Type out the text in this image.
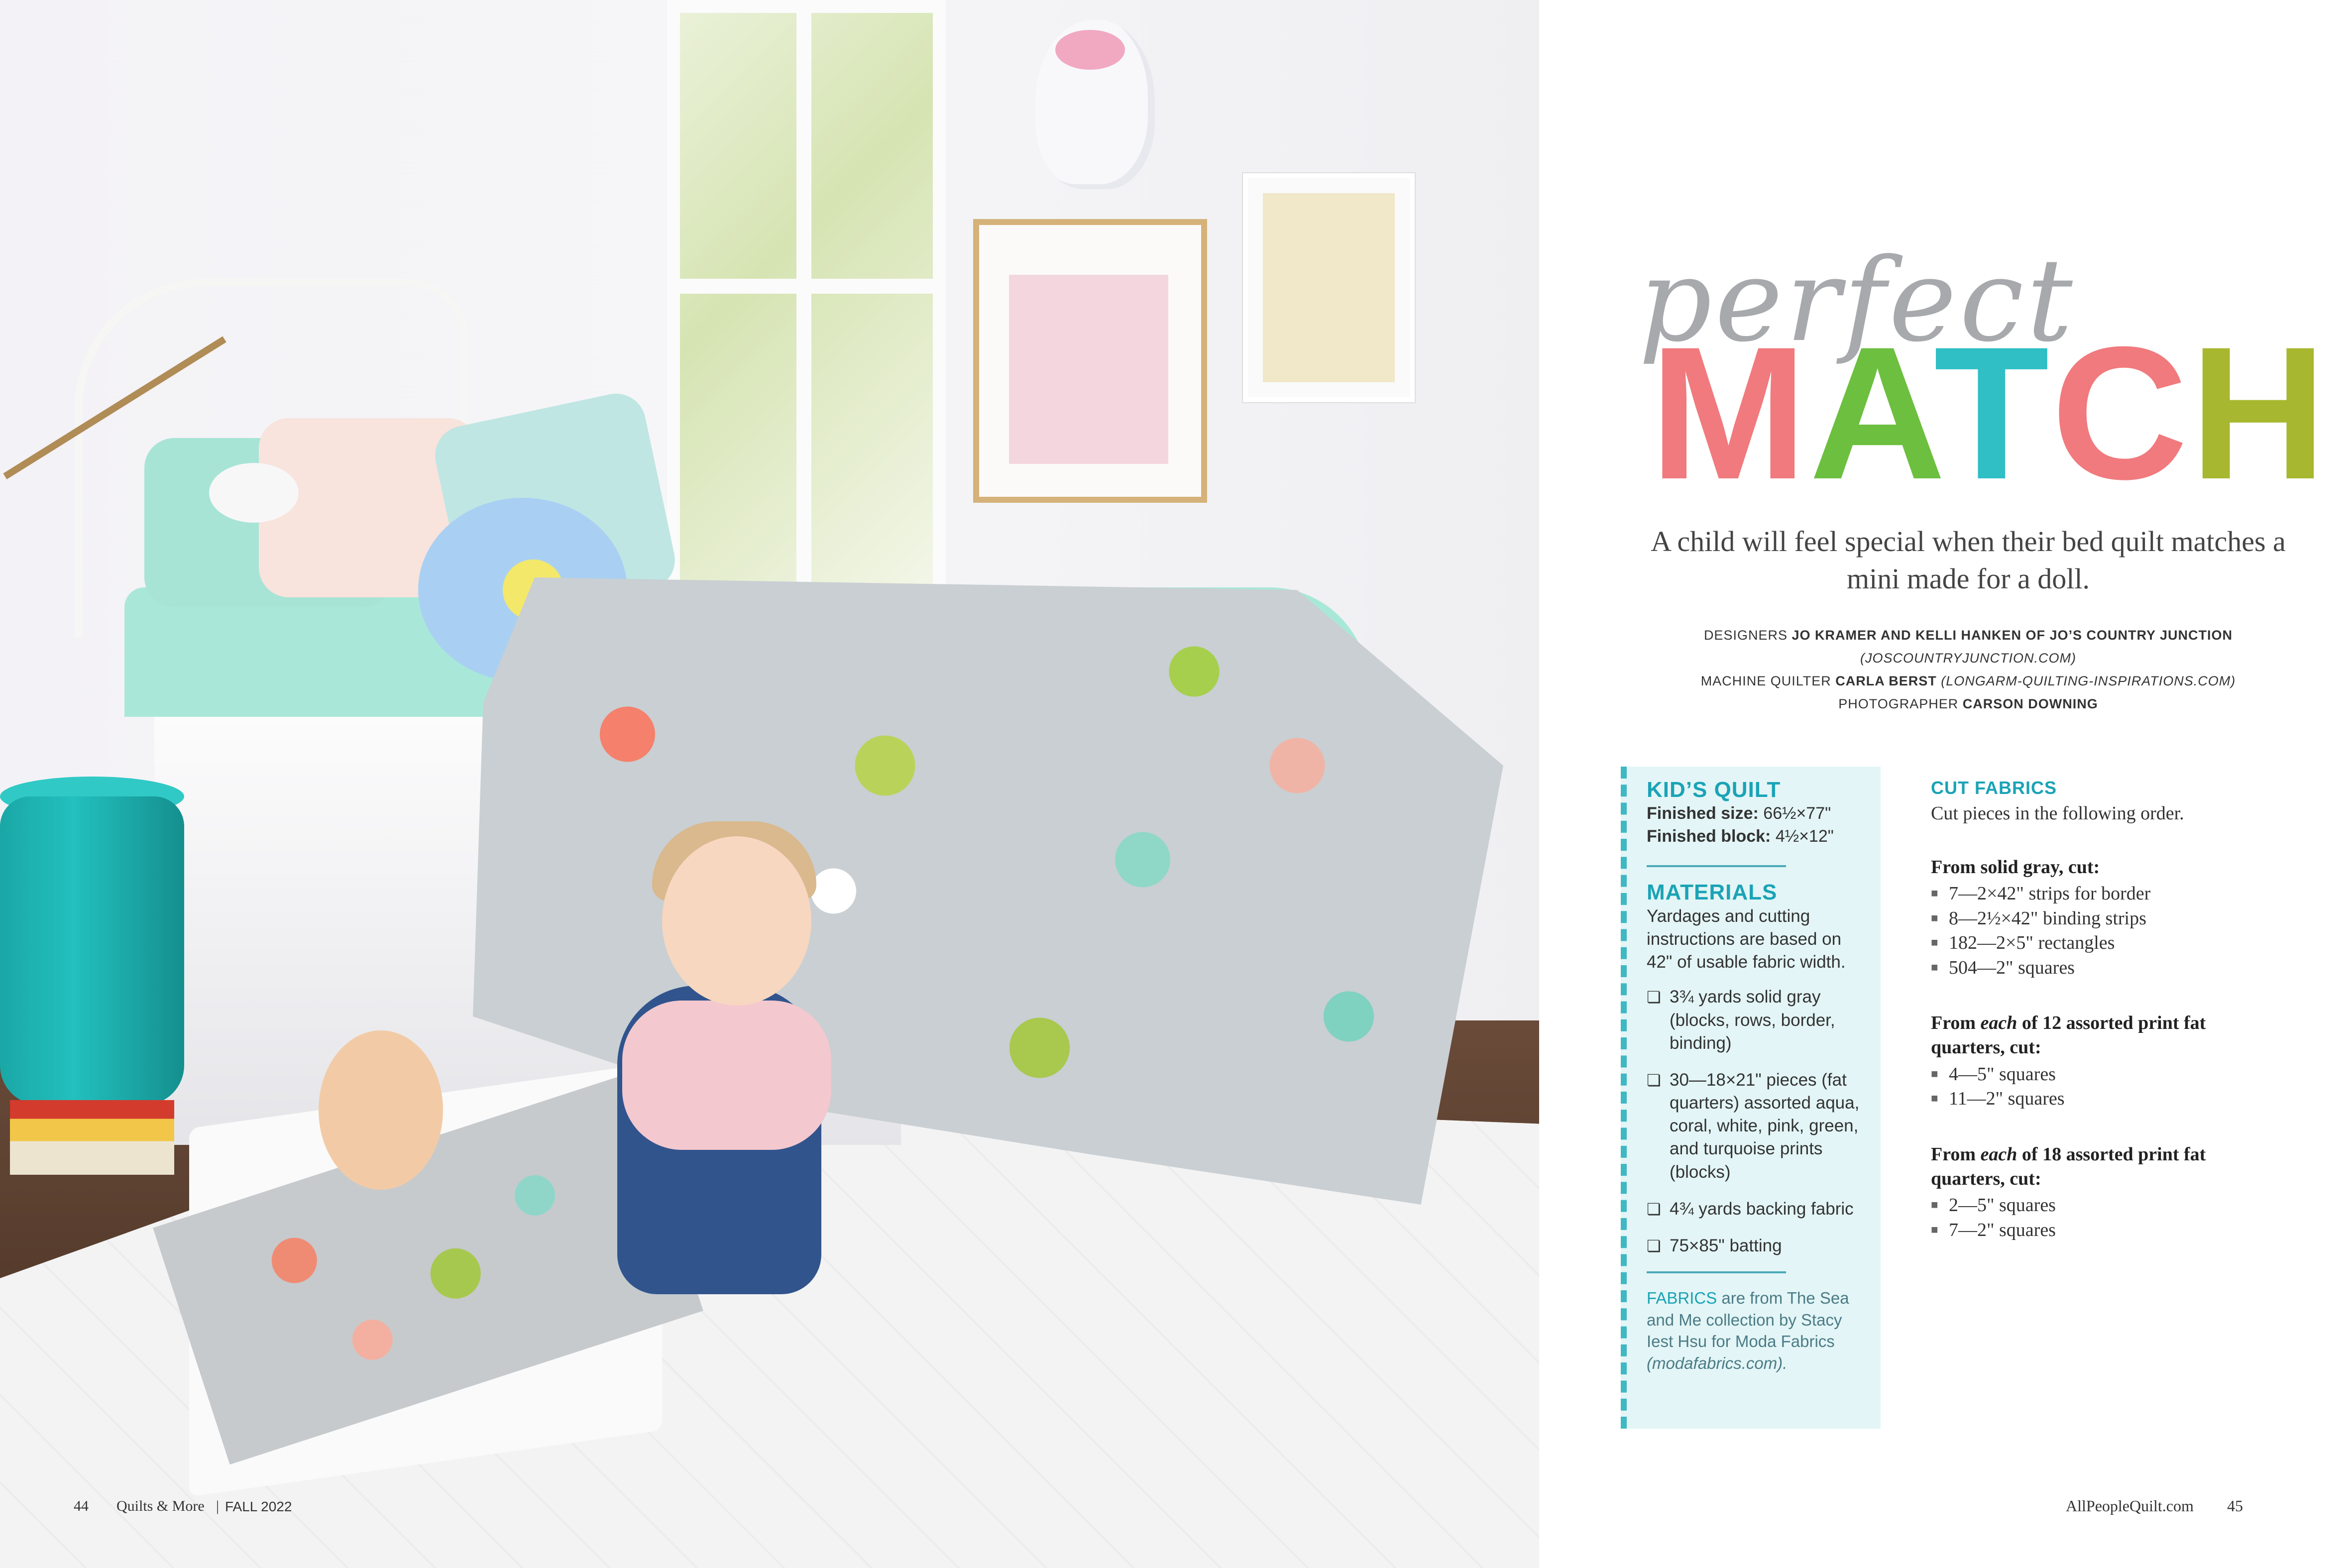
44 Quilts & More | FALL 2022
perfect
MATCH
A child will feel special when their bed quilt matches a mini made for a doll.
DESIGNERS JO KRAMER AND KELLI HANKEN OF JO’S COUNTRY JUNCTION
(JOSCOUNTRYJUNCTION.COM)
MACHINE QUILTER CARLA BERST (LONGARM-QUILTING-INSPIRATIONS.COM)
PHOTOGRAPHER CARSON DOWNING
KID’S QUILT
Finished size: 66½×77"
Finished block: 4½×12"
MATERIALS
Yardages and cutting instructions are based on 42" of usable fabric width.
❏ 3¾ yards solid gray (blocks, rows, border, binding)
❏ 30—18×21" pieces (fat quarters) assorted aqua, coral, white, pink, green, and turquoise prints (blocks)
❏ 4¾ yards backing fabric
❏ 75×85" batting
FABRICS are from The Sea and Me collection by Stacy Iest Hsu for Moda Fabrics (modafabrics.com).
CUT FABRICS
Cut pieces in the following order.
From solid gray, cut:
■ 7—2×42" strips for border
■ 8—2½×42" binding strips
■ 182—2×5" rectangles
■ 504—2" squares
From each of 12 assorted print fat quarters, cut:
■ 4—5" squares
■ 11—2" squares
From each of 18 assorted print fat quarters, cut:
■ 2—5" squares
■ 7—2" squares
AllPeopleQuilt.com 45
